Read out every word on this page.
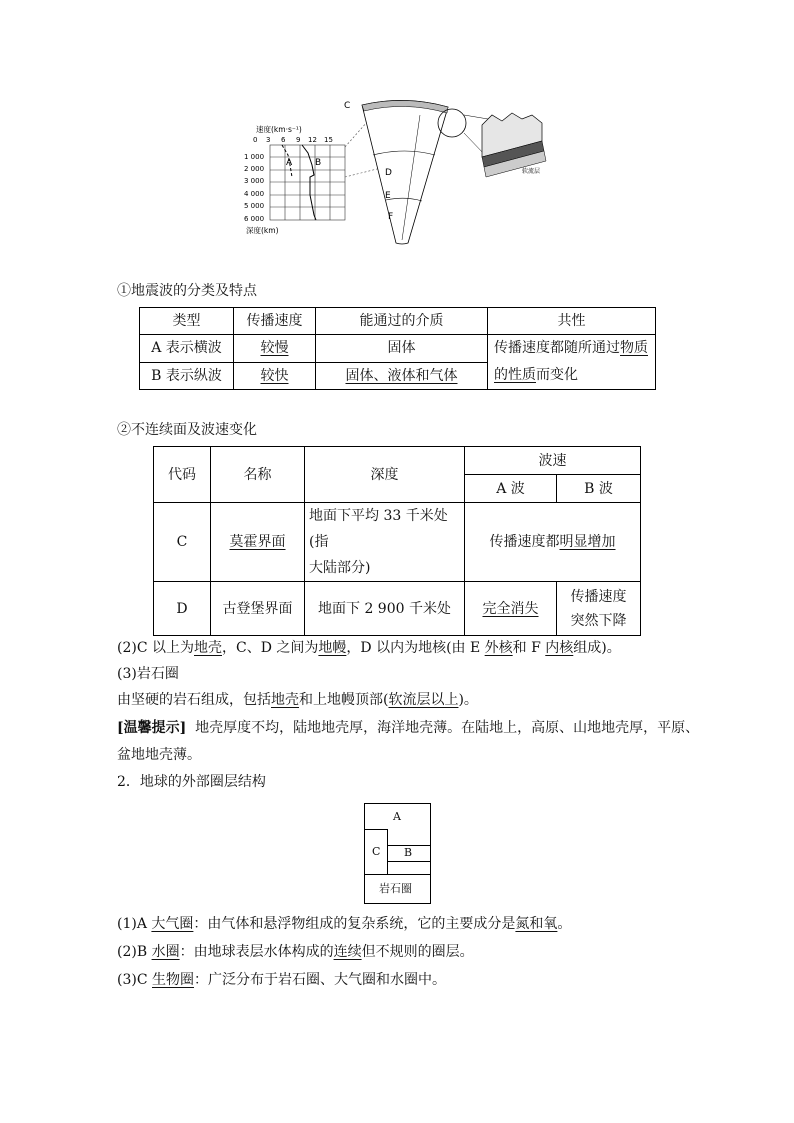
速度(km·s⁻¹)
0 3 6 9 12 15
1 000
2 000
3 000
4 000
5 000
6 000
深度(km)
A	B
C
D
E
F
软流层
①地震波的分类及特点
类型	传播速度	能通过的介质	共性
A 表示横波	较慢	固体	传播速度都随所通过物质
的性质而变化
B 表示纵波	较快	固体、液体和气体	
②不连续面及波速变化
代码	名称	深度	波速	
			A 波	B 波
C	莫霍界面	地面下平均 33 千米处(指
大陆部分)	传播速度都明显增加	
D	古登堡界面	地面下 2 900 千米处	完全消失	传播速度
突然下降
(2)C 以上为地壳，C、D 之间为地幔，D 以内为地核(由 E 外核和 F 内核组成)。
(3)岩石圈
由坚硬的岩石组成，包括地壳和上地幔顶部(软流层以上)。
[温馨提示] 地壳厚度不均，陆地地壳厚，海洋地壳薄。在陆地上，高原、山地地壳厚，平原、
盆地地壳薄。
2．地球的外部圈层结构
A
C B
岩石圈
(1)A 大气圈：由气体和悬浮物组成的复杂系统，它的主要成分是氮和氧。
(2)B 水圈：由地球表层水体构成的连续但不规则的圈层。
(3)C 生物圈：广泛分布于岩石圈、大气圈和水圈中。
